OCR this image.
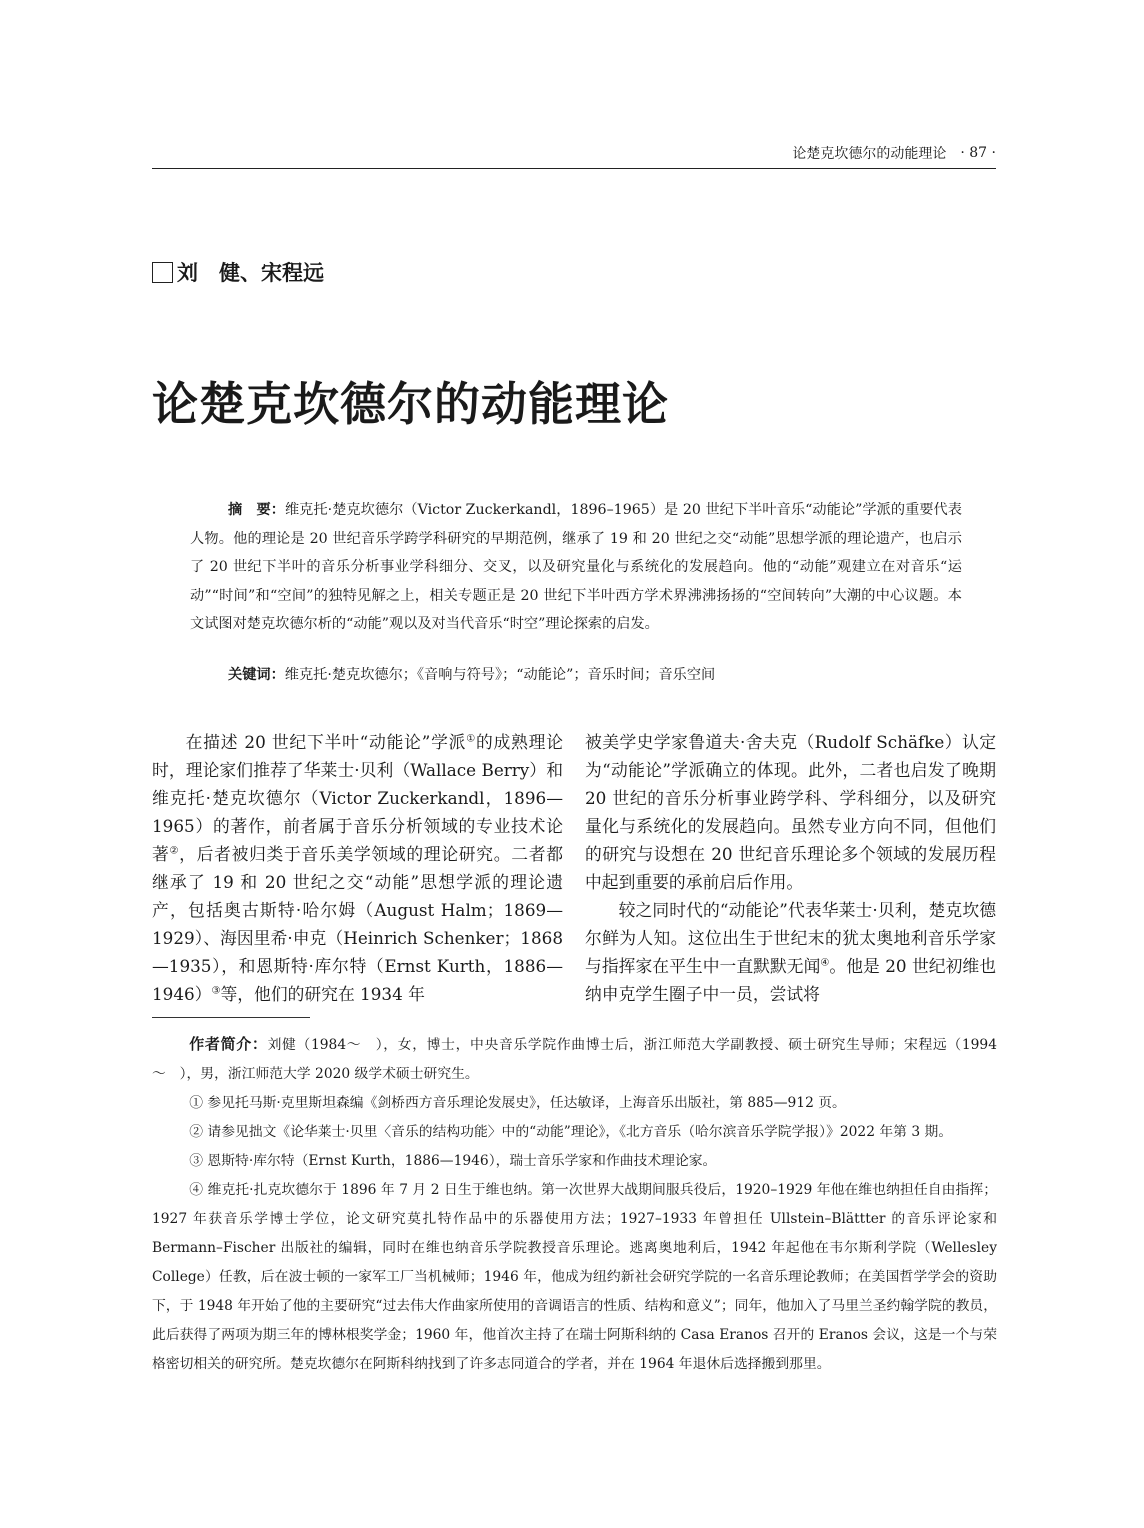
论楚克坎德尔的动能理论 · 87 ·
刘　健、宋程远
论楚克坎德尔的动能理论
摘　要：维克托·楚克坎德尔（Victor Zuckerkandl，1896–1965）是 20 世纪下半叶音乐“动能论”学派的重要代表人物。他的理论是 20 世纪音乐学跨学科研究的早期范例，继承了 19 和 20 世纪之交“动能”思想学派的理论遗产，也启示了 20 世纪下半叶的音乐分析事业学科细分、交叉，以及研究量化与系统化的发展趋向。他的“动能”观建立在对音乐“运动”“时间”和“空间”的独特见解之上，相关专题正是 20 世纪下半叶西方学术界沸沸扬扬的“空间转向”大潮的中心议题。本文试图对楚克坎德尔析的“动能”观以及对当代音乐“时空”理论探索的启发。
关键词：维克托·楚克坎德尔；《音响与符号》；“动能论”；音乐时间；音乐空间

在描述 20 世纪下半叶“动能论”学派①的成熟理论时，理论家们推荐了华莱士·贝利（Wallace Berry）和维克托·楚克坎德尔（Victor Zuckerkandl，1896—1965）的著作，前者属于音乐分析领域的专业技术论著②，后者被归类于音乐美学领域的理论研究。二者都继承了 19 和 20 世纪之交“动能”思想学派的理论遗产，包括奥古斯特·哈尔姆（August Halm；1869—1929）、海因里希·申克（Heinrich Schenker；1868—1935），和恩斯特·库尔特（Ernst Kurth，1886—1946）③等，他们的研究在 1934 年

被美学史学家鲁道夫·舍夫克（Rudolf Schäfke）认定为“动能论”学派确立的体现。此外，二者也启发了晚期 20 世纪的音乐分析事业跨学科、学科细分，以及研究量化与系统化的发展趋向。虽然专业方向不同，但他们的研究与设想在 20 世纪音乐理论多个领域的发展历程中起到重要的承前启后作用。

较之同时代的“动能论”代表华莱士·贝利，楚克坎德尔鲜为人知。这位出生于世纪末的犹太奥地利音乐学家与指挥家在平生中一直默默无闻④。他是 20 世纪初维也纳申克学生圈子中一员，尝试将

作者简介：刘健（1984～　），女，博士，中央音乐学院作曲博士后，浙江师范大学副教授、硕士研究生导师；宋程远（1994～　），男，浙江师范大学 2020 级学术硕士研究生。

① 参见托马斯·克里斯坦森编《剑桥西方音乐理论发展史》，任达敏译，上海音乐出版社，第 885—912 页。

② 请参见拙文《论华莱士·贝里〈音乐的结构功能〉中的“动能”理论》，《北方音乐（哈尔滨音乐学院学报）》2022 年第 3 期。

③ 恩斯特·库尔特（Ernst Kurth，1886—1946），瑞士音乐学家和作曲技术理论家。

④ 维克托·扎克坎德尔于 1896 年 7 月 2 日生于维也纳。第一次世界大战期间服兵役后，1920–1929 年他在维也纳担任自由指挥；1927 年获音乐学博士学位，论文研究莫扎特作品中的乐器使用方法；1927–1933 年曾担任 Ullstein–Blättter 的音乐评论家和 Bermann–Fischer 出版社的编辑，同时在维也纳音乐学院教授音乐理论。逃离奥地利后，1942 年起他在韦尔斯利学院（Wellesley College）任教，后在波士顿的一家军工厂当机械师；1946 年，他成为纽约新社会研究学院的一名音乐理论教师；在美国哲学学会的资助下，于 1948 年开始了他的主要研究“过去伟大作曲家所使用的音调语言的性质、结构和意义”；同年，他加入了马里兰圣约翰学院的教员，此后获得了两项为期三年的博林根奖学金；1960 年，他首次主持了在瑞士阿斯科纳的 Casa Eranos 召开的 Eranos 会议，这是一个与荣格密切相关的研究所。楚克坎德尔在阿斯科纳找到了许多志同道合的学者，并在 1964 年退休后选择搬到那里。
